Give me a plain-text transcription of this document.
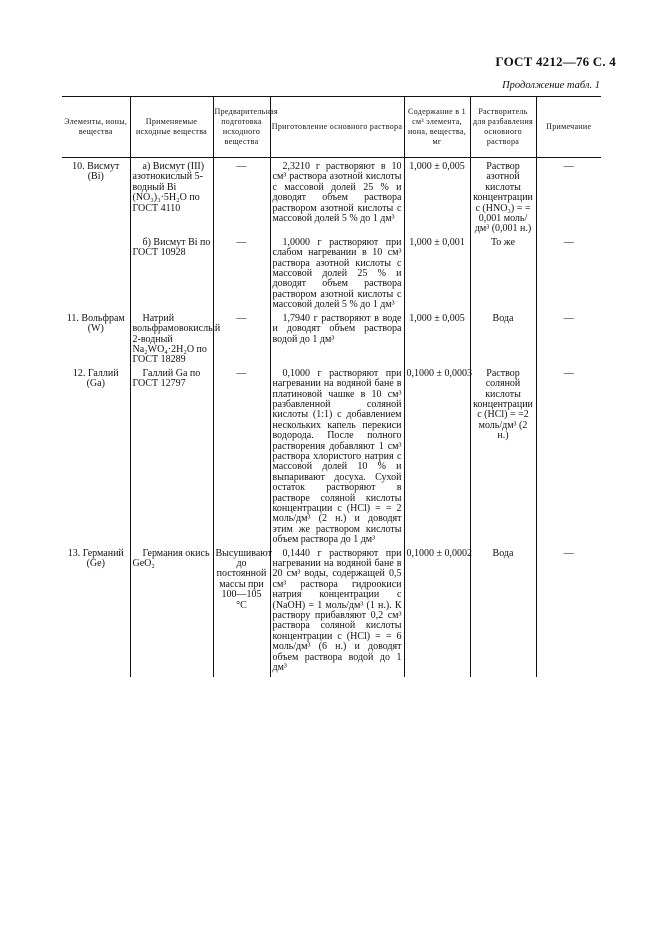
ГОСТ 4212—76 С. 4
Продолжение табл. 1
Элементы, ионы, вещества	Применяемые исходные вещества	Предварительная подготовка исходного вещества	Приготовление основного раствора	Содержание в 1 см³ элемента, иона, вещества, мг	Растворитель для разбавления основного раствора	Примечание
10. Висмут (Bi)	а) Висмут (III) азотнокислый 5-водный Bi (NO₃)₃·5H₂O по ГОСТ 4110	—	2,3210 г растворяют в 10 см³ раствора азотной кислоты с массовой долей 25 % и доводят объем раствора раствором азотной кислоты с массовой долей 5 % до 1 дм³	1,000 ± 0,005	Раствор азотной кислоты концентрации c (HNO₃) = = 0,001 моль/дм³ (0,001 н.)	—
	б) Висмут Bi по ГОСТ 10928	—	1,0000 г растворяют при слабом нагревании в 10 см³ раствора азотной кислоты с массовой долей 25 % и доводят объем раствора раствором азотной кислоты с массовой долей 5 % до 1 дм³	1,000 ± 0,001	То же	—
11. Вольфрам (W)	Натрий вольфрамовокислый 2-водный Na₂WO₄·2H₂O по ГОСТ 18289	—	1,7940 г растворяют в воде и доводят объем раствора водой до 1 дм³	1,000 ± 0,005	Вода	—
12. Галлий (Ga)	Галлий Ga по ГОСТ 12797	—	0,1000 г растворяют при нагревании на водяной бане в платиновой чашке в 10 см³ разбавленной соляной кислоты (1:1) с добавлением нескольких капель перекиси водорода. После полного растворения добавляют 1 см³ раствора хлористого натрия с массовой долей 10 % и выпаривают досуха. Сухой остаток растворяют в растворе соляной кислоты концентрации c (HCl) = = 2 моль/дм³ (2 н.) и доводят этим же раствором кислоты объем раствора до 1 дм³	0,1000 ± 0,0003	Раствор соляной кислоты концентрации c (HCl) = =2 моль/дм³ (2 н.)	—
13. Германий (Ge)	Германия окись GeO₂	Высушивают до постоянной массы при 100—105 °С	0,1440 г растворяют при нагревании на водяной бане в 20 см³ воды, содержащей 0,5 см³ раствора гидроокиси натрия концентрации c (NaOH) = 1 моль/дм³ (1 н.). К раствору прибавляют 0,2 см³ раствора соляной кислоты концентрации c (HCl) = = 6 моль/дм³ (6 н.) и доводят объем раствора водой до 1 дм³	0,1000 ± 0,0002	Вода	—
